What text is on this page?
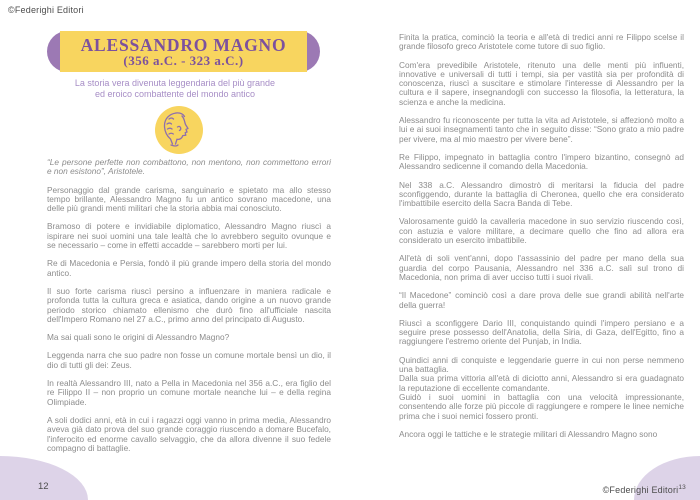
©Federighi Editori
ALESSANDRO MAGNO
(356 a.C. - 323 a.C.)
La storia vera divenuta leggendaria del più grande
ed eroico combattente del mondo antico

“Le persone perfette non combattono, non mentono, non commettono errori e non esistono”, Aristotele.

Personaggio dal grande carisma, sanguinario e spietato ma allo stesso tempo brillante, Alessandro Magno fu un antico sovrano macedone, una delle più grandi menti militari che la storia abbia mai conosciuto.

Bramoso di potere e invidiabile diplomatico, Alessandro Magno riuscì a ispirare nei suoi uomini una tale lealtà che lo avrebbero seguito ovunque e se necessario – come in effetti accadde – sarebbero morti per lui.

Re di Macedonia e Persia, fondò il più grande impero della storia del mondo antico.

Il suo forte carisma riuscì persino a influenzare in maniera radicale e profonda tutta la cultura greca e asiatica, dando origine a un nuovo grande periodo storico chiamato ellenismo che durò fino all'ufficiale nascita dell'Impero Romano nel 27 a.C., primo anno del principato di Augusto.

Ma sai quali sono le origini di Alessandro Magno?

Leggenda narra che suo padre non fosse un comune mortale bensì un dio, il dio di tutti gli dei: Zeus.

In realtà Alessandro III, nato a Pella in Macedonia nel 356 a.C., era figlio del re Filippo II – non proprio un comune mortale neanche lui – e della regina Olimpiade.

A soli dodici anni, età in cui i ragazzi oggi vanno in prima media, Alessandro aveva già dato prova del suo grande coraggio riuscendo a domare Bucefalo, l'inferocito ed enorme cavallo selvaggio, che da allora divenne il suo fedele compagno di battaglie.

Finita la pratica, cominciò la teoria e all'età di tredici anni re Filippo scelse il grande filosofo greco Aristotele come tutore di suo figlio.

Com'era prevedibile Aristotele, ritenuto una delle menti più influenti, innovative e universali di tutti i tempi, sia per vastità sia per profondità di conoscenza, riuscì a suscitare e stimolare l'interesse di Alessandro per la cultura e il sapere, insegnandogli con successo la filosofia, la letteratura, la scienza e anche la medicina.

Alessandro fu riconoscente per tutta la vita ad Aristotele, si affezionò molto a lui e ai suoi insegnamenti tanto che in seguito disse: “Sono grato a mio padre per vivere, ma al mio maestro per vivere bene”.

Re Filippo, impegnato in battaglia contro l'impero bizantino, consegnò ad Alessandro sedicenne il comando della Macedonia.

Nel 338 a.C. Alessandro dimostrò di meritarsi la fiducia del padre sconfiggendo, durante la battaglia di Cheronea, quello che era considerato l'imbattibile esercito della Sacra Banda di Tebe.

Valorosamente guidò la cavalleria macedone in suo servizio riuscendo così, con astuzia e valore militare, a decimare quello che fino ad allora era considerato un esercito imbattibile.

All'età di soli vent'anni, dopo l'assassinio del padre per mano della sua guardia del corpo Pausania, Alessandro nel 336 a.C. salì sul trono di Macedonia, non prima di aver ucciso tutti i suoi rivali.

“Il Macedone” cominciò così a dare prova delle sue grandi abilità nell'arte della guerra!

Riuscì a sconfiggere Dario III, conquistando quindi l'impero persiano e a seguire prese possesso dell'Anatolia, della Siria, di Gaza, dell'Egitto, fino a raggiungere l'estremo oriente del Punjab, in India.

Quindici anni di conquiste e leggendarie guerre in cui non perse nemmeno una battaglia.

Dalla sua prima vittoria all'età di diciotto anni, Alessandro si era guadagnato la reputazione di eccellente comandante.

Guidò i suoi uomini in battaglia con una velocità impressionante, consentendo alle forze più piccole di raggiungere e rompere le linee nemiche prima che i suoi nemici fossero pronti.

Ancora oggi le tattiche e le strategie militari di Alessandro Magno sono

12	©Federighi Editori$^{13}$
